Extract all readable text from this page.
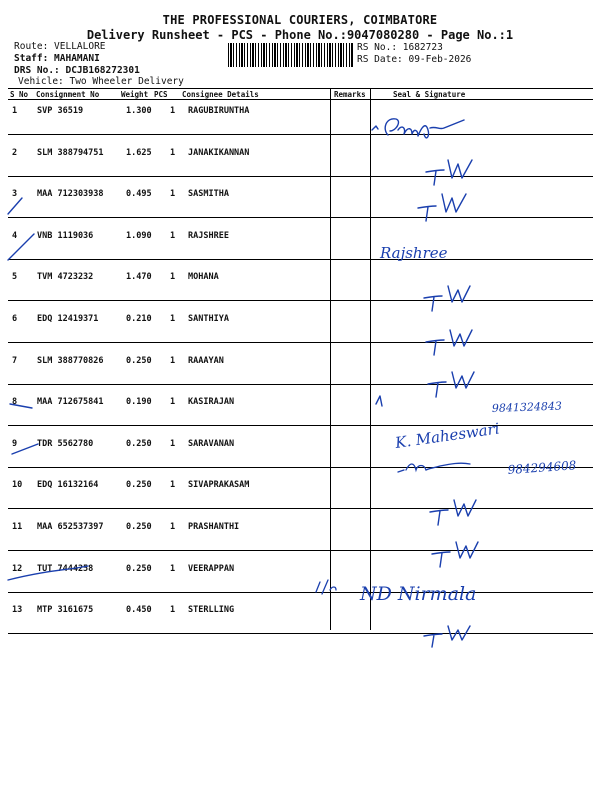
THE PROFESSIONAL COURIERS, COIMBATORE
Delivery Runsheet - PCS - Phone No.:9047080280 - Page No.:1
Route: VELLALORE
Staff: MAHAMANI
DRS No.: DCJB168272301
Vehicle: Two Wheeler Delivery
RS No.: 1682723
RS Date: 09-Feb-2026
S No Consignment No	Weight PCS Consignee Details	Remarks	Seal & Signature
1 SVP 36519	1.300 1 RAGUBIRUNTHA
2 SLM 388794751	1.625 1 JANAKIKANNAN
3 MAA 712303938	0.495 1 SASMITHA
4 VNB 1119036	1.090 1 RAJSHREE
5 TVM 4723232	1.470 1 MOHANA
6 EDQ 12419371	0.210 1 SANTHIYA
7 SLM 388770826	0.250 1 RAAAYAN
8 MAA 712675841	0.190 1 KASIRAJAN
9 TDR 5562780	0.250 1 SARAVANAN
10 EDQ 16132164	0.250 1 SIVAPRAKASAM
11 MAA 652537397	0.250 1 PRASHANTHI
12 TUT 7444258	0.250 1 VEERAPPAN
13 MTP 3161675	0.450 1 STERLLING
Rajshree
9841324843
K. Maheswari
984294608
ND Nirmala
